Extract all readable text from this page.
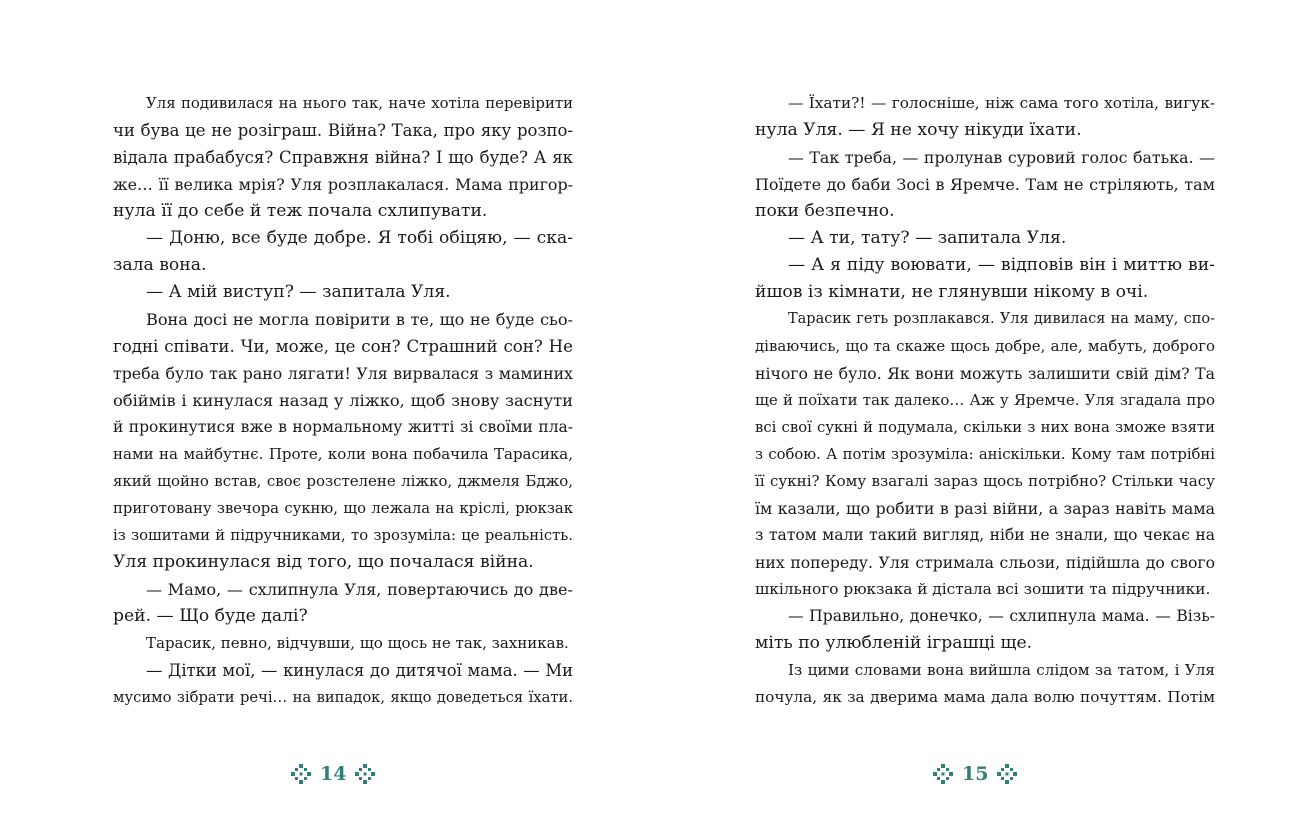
Уля подивилася на нього так, наче хотіла перевірити
чи бува це не розіграш. Війна? Така, про яку розпо-
відала прабабуся? Справжня війна? І що буде? А як
же… її велика мрія? Уля розплакалася. Мама пригор-
нула її до себе й теж почала схлипувати.
— Доню, все буде добре. Я тобі обіцяю, — ска-
зала вона.
— А мій виступ? — запитала Уля.
Вона досі не могла повірити в те, що не буде сьо-
годні співати. Чи, може, це сон? Страшний сон? Не
треба було так рано лягати! Уля вирвалася з маминих
обіймів і кинулася назад у ліжко, щоб знову заснути
й прокинутися вже в нормальному житті зі своїми пла-
нами на майбутнє. Проте, коли вона побачила Тарасика,
який щойно встав, своє розстелене ліжко, джмеля Бджо,
приготовану звечора сукню, що лежала на кріслі, рюкзак
із зошитами й підручниками, то зрозуміла: це реальність.
Уля прокинулася від того, що почалася війна.
— Мамо, — схлипнула Уля, повертаючись до две-
рей. — Що буде далі?
Тарасик, певно, відчувши, що щось не так, захникав.
— Дітки мої, — кинулася до дитячої мама. — Ми
мусимо зібрати речі… на випадок, якщо доведеться їхати.
— Їхати?! — голосніше, ніж сама того хотіла, вигук-
нула Уля. — Я не хочу нікуди їхати.
— Так треба, — пролунав суровий голос батька. —
Поїдете до баби Зосі в Яремче. Там не стріляють, там
поки безпечно.
— А ти, тату? — запитала Уля.
— А я піду воювати, — відповів він і миттю ви-
йшов із кімнати, не глянувши нікому в очі.
Тарасик геть розплакався. Уля дивилася на маму, спо-
діваючись, що та скаже щось добре, але, мабуть, доброго
нічого не було. Як вони можуть залишити свій дім? Та
ще й поїхати так далеко… Аж у Яремче. Уля згадала про
всі свої сукні й подумала, скільки з них вона зможе взяти
з собою. А потім зрозуміла: аніскільки. Кому там потрібні
її сукні? Кому взагалі зараз щось потрібно? Стільки часу
їм казали, що робити в разі війни, а зараз навіть мама
з татом мали такий вигляд, ніби не знали, що чекає на
них попереду. Уля стримала сльози, підійшла до свого
шкільного рюкзака й дістала всі зошити та підручники.
— Правильно, донечко, — схлипнула мама. — Візь-
міть по улюбленій іграшці ще.
Із цими словами вона вийшла слідом за татом, і Уля
почула, як за дверима мама дала волю почуттям. Потім
14	15
